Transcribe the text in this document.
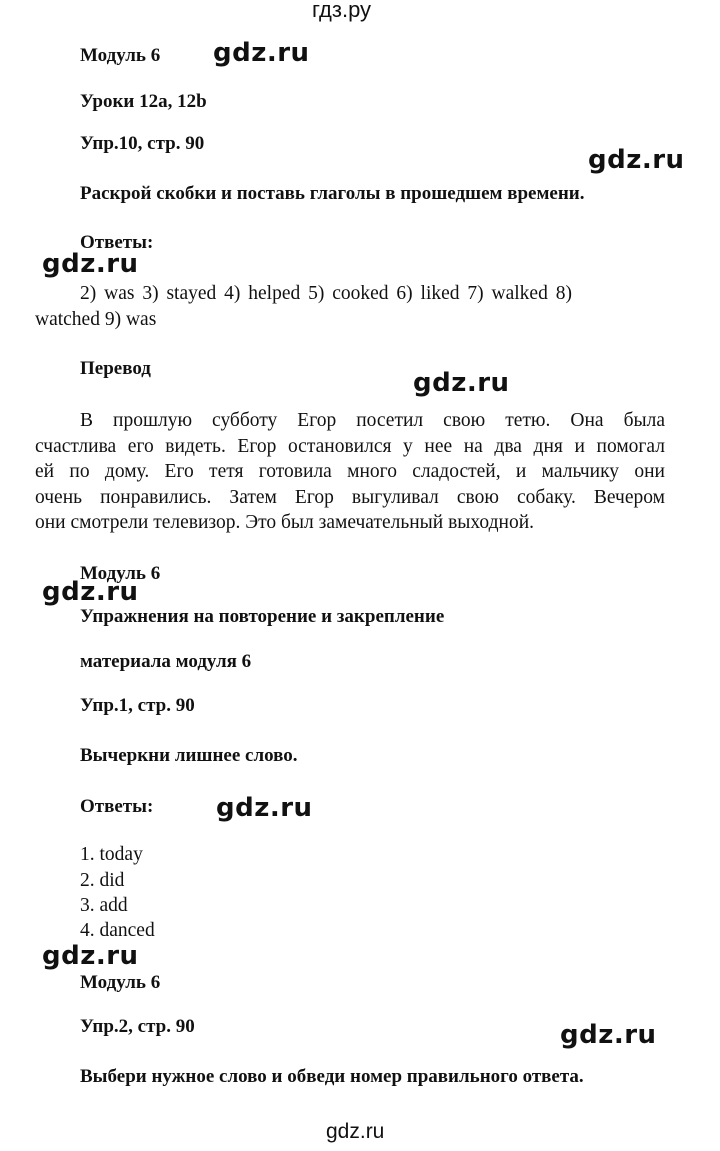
гдз.ру
Модуль 6 gdz.ru
Уроки 12а, 12b
Упр.10, стр. 90
gdz.ru
Раскрой скобки и поставь глаголы в прошедшем времени.
Ответы:
gdz.ru
2) was 3) stayed 4) helped 5) cooked 6) liked 7) walked 8)
watched 9) was
Перевод	gdz.ru
В прошлую субботу Егор посетил свою тетю. Она была
счастлива его видеть. Егор остановился у нее на два дня и помогал
ей по дому. Его тетя готовила много сладостей, и мальчику они
очень понравились. Затем Егор выгуливал свою собаку. Вечером
они смотрели телевизор. Это был замечательный выходной.
Модуль 6
gdz.ru
Упражнения на повторение и закрепление
материала модуля 6
Упр.1, стр. 90
Вычеркни лишнее слово.
Ответы: gdz.ru
1. today
2. did
3. add
4. danced
gdz.ru
Модуль 6
Упр.2, стр. 90	gdz.ru
Выбери нужное слово и обведи номер правильного ответа.
gdz.ru
